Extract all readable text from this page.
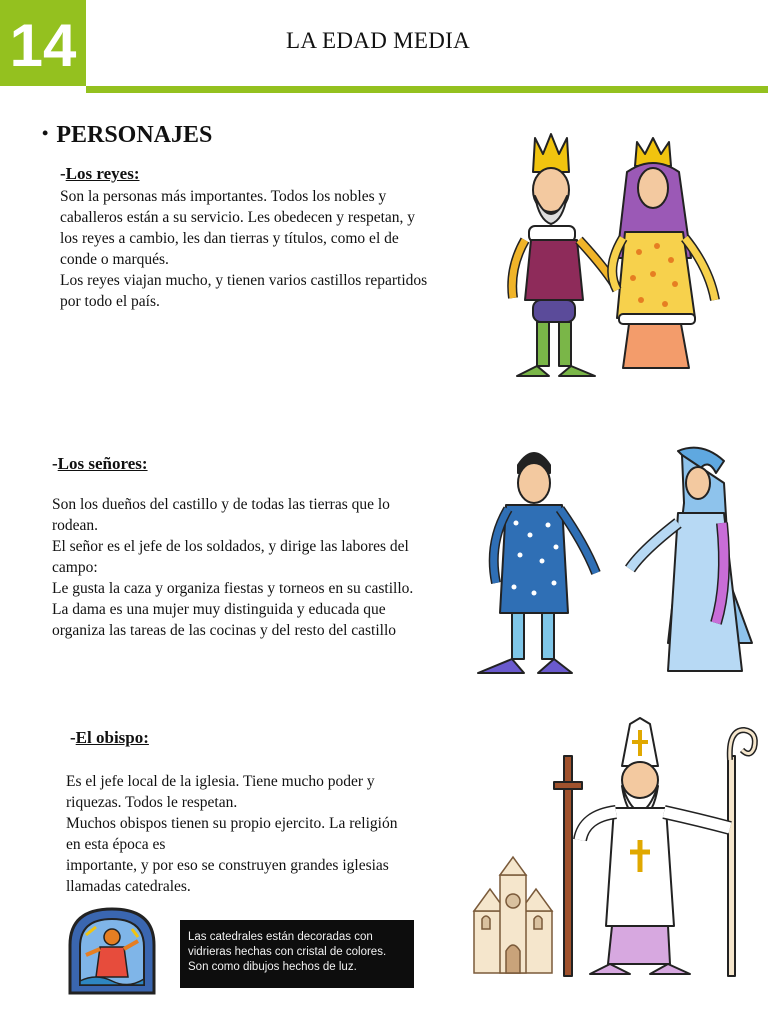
14	LA EDAD MEDIA
• PERSONAJES
-Los reyes:
Son la personas más importantes. Todos los nobles y
caballeros están a su servicio. Les obedecen y respetan, y
los reyes a cambio, les dan tierras y títulos, como el de
conde o marqués.
Los reyes viajan mucho, y tienen varios castillos repartidos
por todo el país.
-Los señores:
Son los dueños del castillo y de todas las tierras que lo
rodean.
El señor es el jefe de los soldados, y dirige las labores del
campo:
Le gusta la caza y organiza fiestas y torneos en su castillo.
La dama es una mujer muy distinguida y educada que
organiza las tareas de las cocinas y del resto del castillo
-El obispo:
Es el jefe local de la iglesia. Tiene mucho poder y
riquezas. Todos le respetan.
Muchos obispos tienen su propio ejercito. La religión
en esta época es
importante, y por eso se construyen grandes iglesias
llamadas catedrales.
Las catedrales están decoradas con
vidrieras hechas con cristal de colores.
Son como dibujos hechos de luz.
